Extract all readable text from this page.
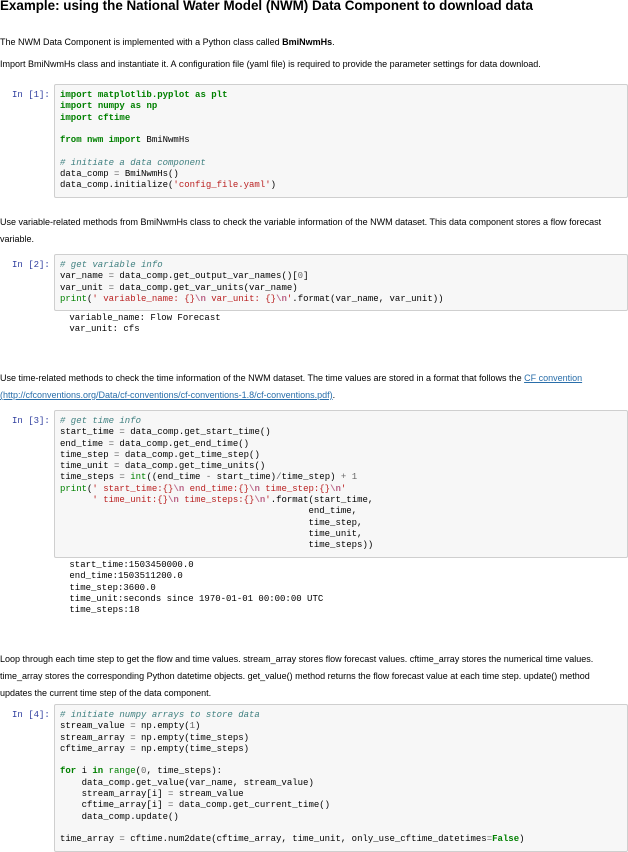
Example: using the National Water Model (NWM) Data Component to download data

The NWM Data Component is implemented with a Python class called BmiNwmHs.

Import BmiNwmHs class and instantiate it. A configuration file (yaml file) is required to provide the parameter settings for data download.

In [1]:	import matplotlib.pyplot as plt
import numpy as np
import cftime

from nwm import BmiNwmHs

# initiate a data component
data_comp = BmiNwmHs()
data_comp.initialize('config_file.yaml')

Use variable-related methods from BmiNwmHs class to check the variable information of the NWM dataset. This data component stores a flow forecast variable.

In [2]:	# get variable info
var_name = data_comp.get_output_var_names()[0]
var_unit = data_comp.get_var_units(var_name)
print(' variable_name: {}\n var_unit: {}\n'.format(var_name, var_unit))
variable_name: Flow Forecast
var_unit: cfs

Use time-related methods to check the time information of the NWM dataset. The time values are stored in a format that follows the CF convention
(http://cfconventions.org/Data/cf-conventions/cf-conventions-1.8/cf-conventions.pdf).

In [3]:	# get time info
start_time = data_comp.get_start_time()
end_time = data_comp.get_end_time()
time_step = data_comp.get_time_step()
time_unit = data_comp.get_time_units()
time_steps = int((end_time - start_time)/time_step) + 1
print(' start_time:{}\n end_time:{}\n time_step:{}\n'
' time_unit:{}\n time_steps:{}\n'.format(start_time,
end_time,
time_step,
time_unit,
time_steps))
start_time:1503450000.0
end_time:1503511200.0
time_step:3600.0
time_unit:seconds since 1970-01-01 00:00:00 UTC
time_steps:18

Loop through each time step to get the flow and time values. stream_array stores flow forecast values. cftime_array stores the numerical time values. time_array stores the corresponding Python datetime objects. get_value() method returns the flow forecast value at each time step. update() method updates the current time step of the data component.

In [4]:	# initiate numpy arrays to store data
stream_value = np.empty(1)
stream_array = np.empty(time_steps)
cftime_array = np.empty(time_steps)

for i in range(0, time_steps):
data_comp.get_value(var_name, stream_value)
stream_array[i] = stream_value
cftime_array[i] = data_comp.get_current_time()
data_comp.update()

time_array = cftime.num2date(cftime_array, time_unit, only_use_cftime_datetimes=False)
